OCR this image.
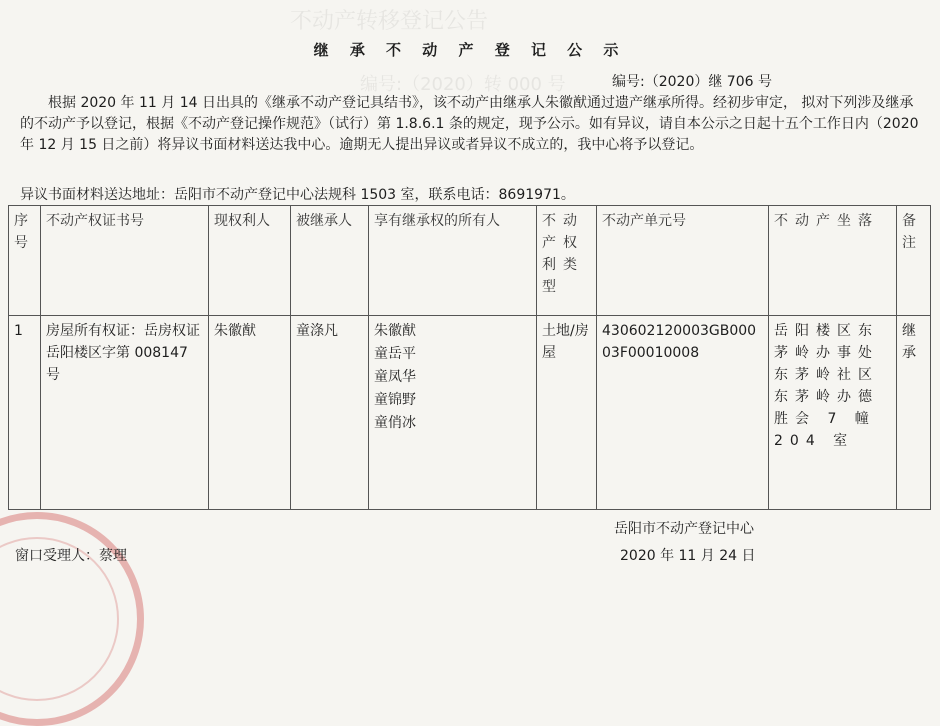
不动产转移登记公告
编号:（2020）转 000 号
继 承 不 动 产 登 记 公 示
编号:（2020）继 706 号

根据 2020 年 11 月 14 日出具的《继承不动产登记具结书》，该不动产由继承人朱徽猷通过遗产继承所得。经初步审定， 拟对下列涉及继承的不动产予以登记，根据《不动产登记操作规范》（试行）第 1.8.6.1 条的规定，现予公示。如有异议，请自本公示之日起十五个工作日内（2020 年 12 月 15 日之前）将异议书面材料送达我中心。逾期无人提出异议或者异议不成立的，我中心将予以登记。

异议书面材料送达地址：岳阳市不动产登记中心法规科 1503 室，联系电话：8691971。

序号	不动产权证书号	现权利人	被继承人	享有继承权的所有人	不动产权利类型	不动产单元号	不动产坐落	备注
1	房屋所有权证：岳房权证岳阳楼区字第 008147 号	朱徽猷	童涤凡	朱徽猷
童岳平
童凤华
童锦野
童俏冰	土地/房屋	430602120003GB00003F00010008	岳阳楼区东茅岭办事处东茅岭社区东茅岭办德胜会 7 幢 204 室	继承
岳阳市不动产登记中心
2020 年 11 月 24 日
窗口受理人：蔡理
